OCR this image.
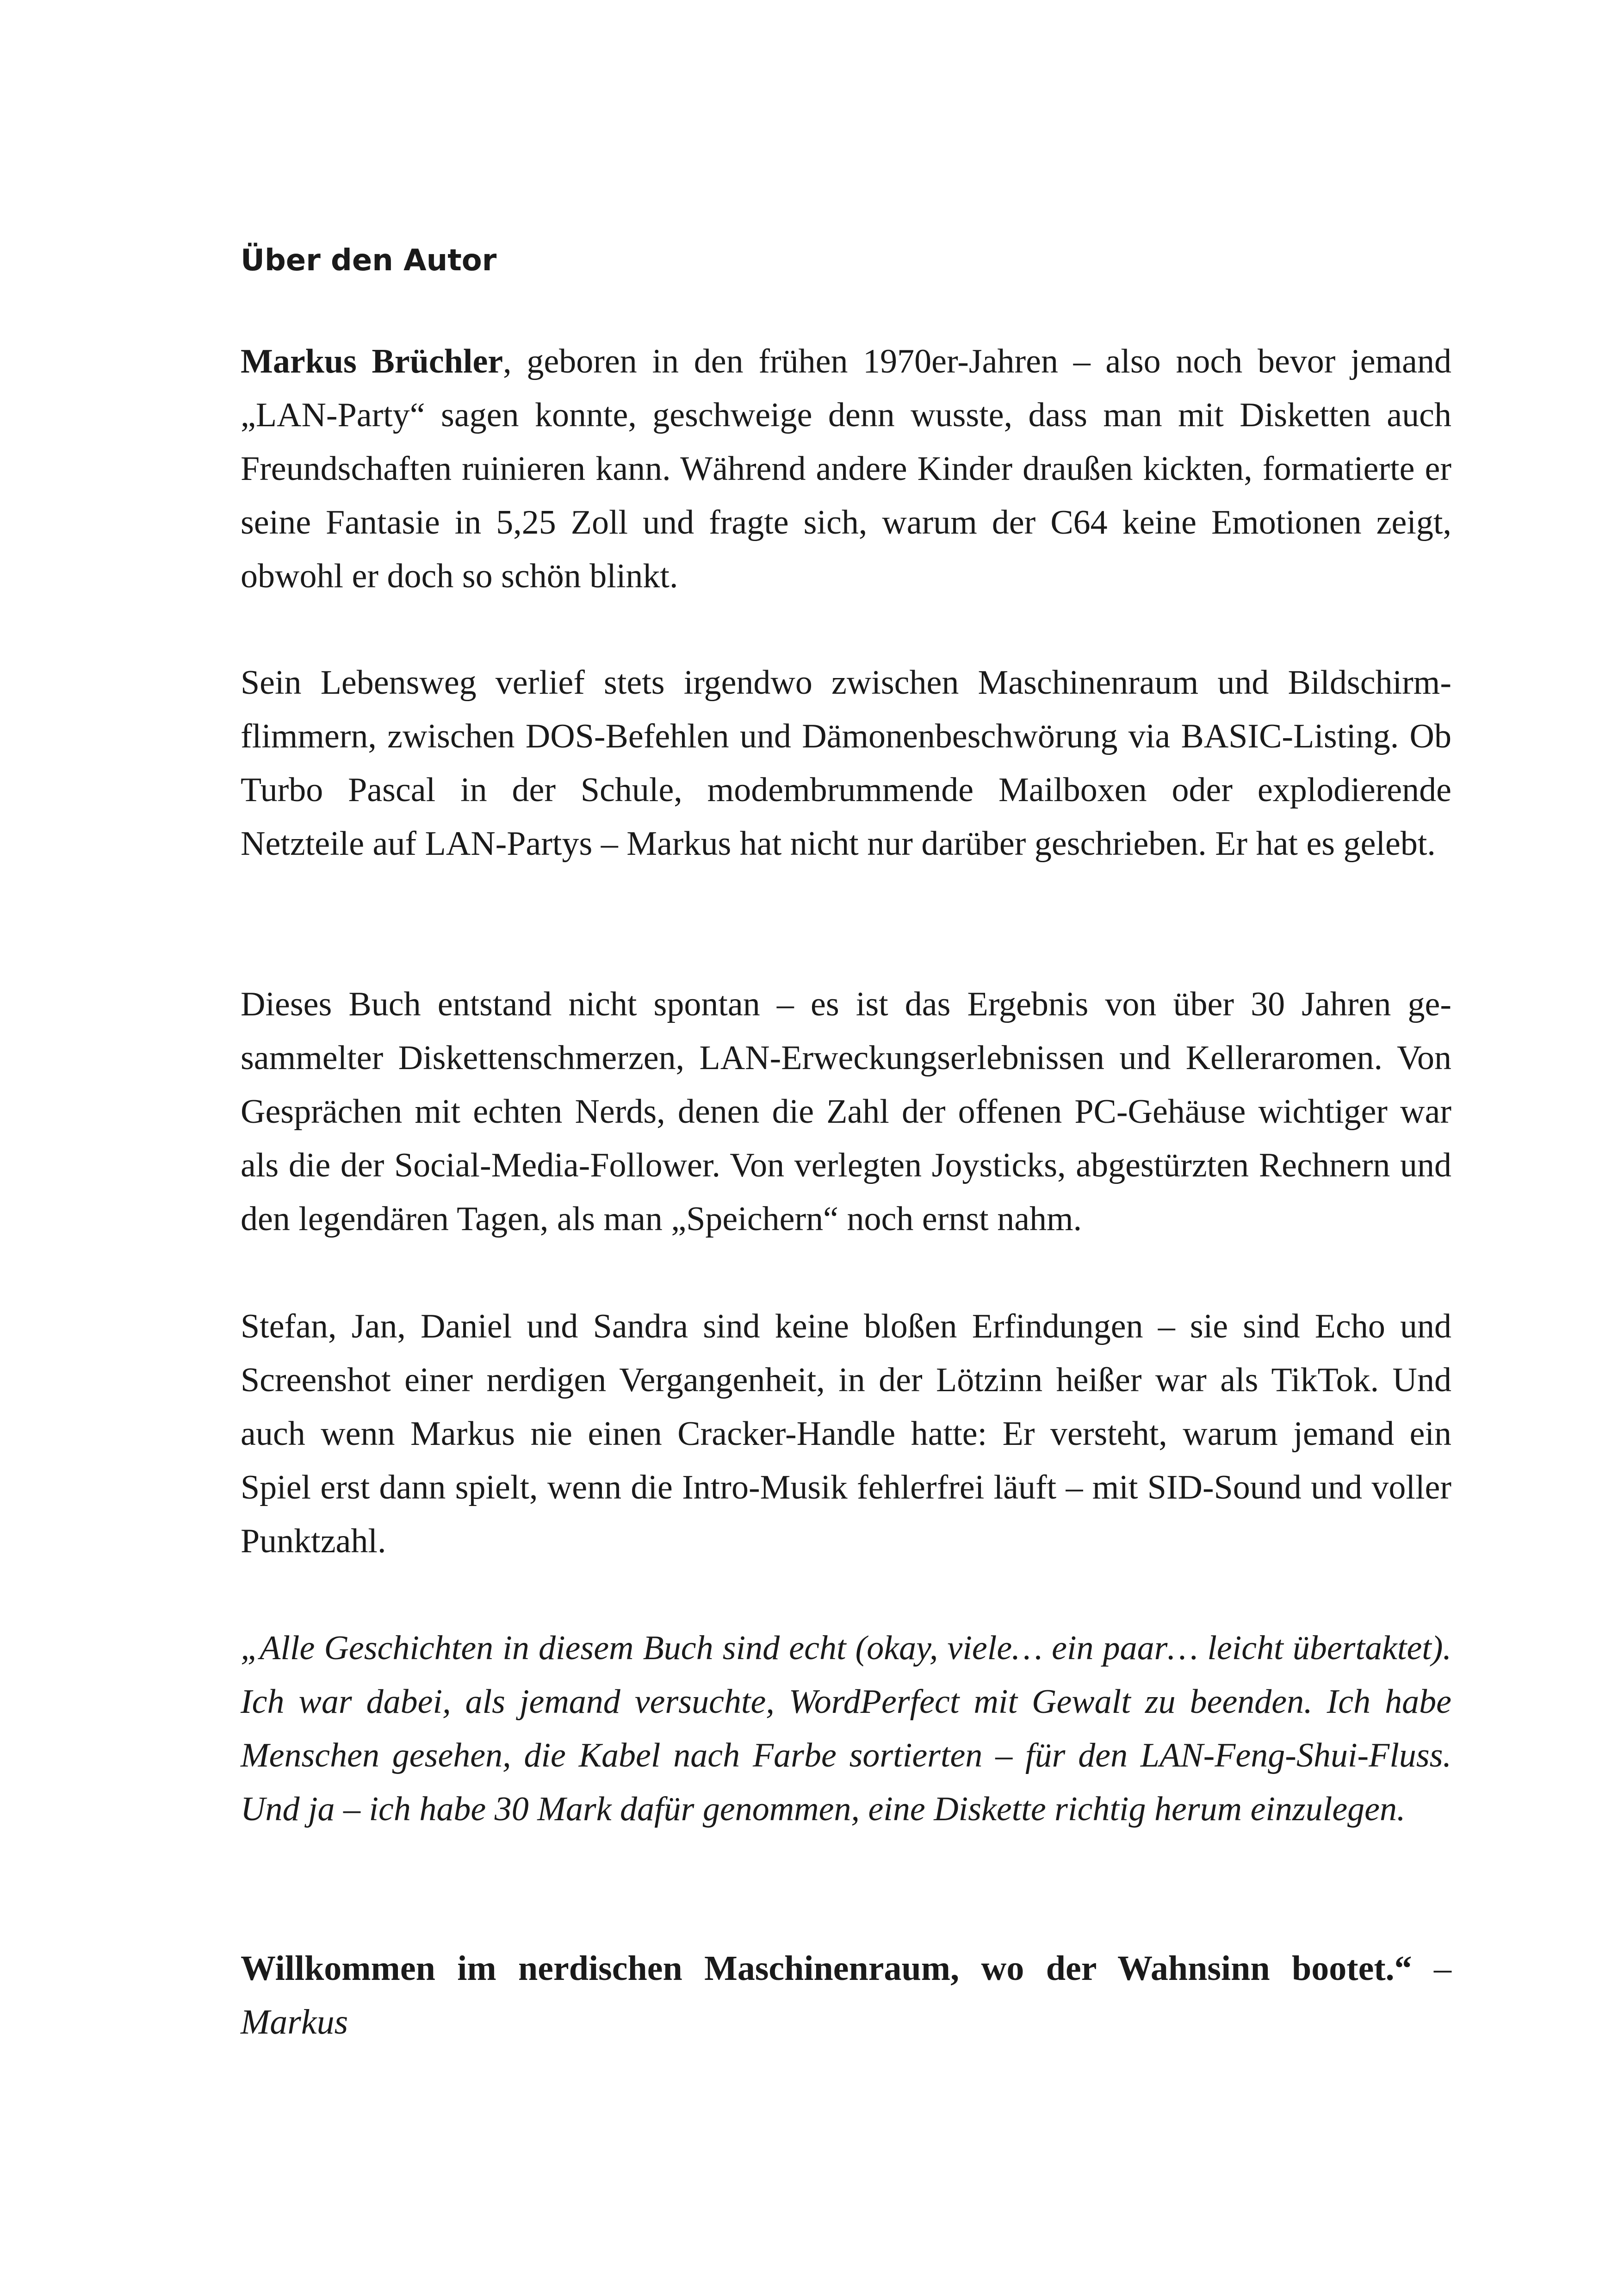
Über den Autor

Markus Brüchler, geboren in den frühen 1970er-Jahren – also noch bevor jemand „LAN-Party“ sagen konnte, geschweige denn wusste, dass man mit Disketten auch Freundschaften ruinieren kann. Während andere Kinder draußen kickten, formatierte er seine Fantasie in 5,25 Zoll und fragte sich, warum der C64 keine Emotionen zeigt, obwohl er doch so schön blinkt.

Sein Lebensweg verlief stets irgendwo zwischen Maschinenraum und Bildschirmflimmern, zwischen DOS-Befehlen und Dämonenbeschwörung via BASIC-Listing. Ob Turbo Pascal in der Schule, modembrummende Mailboxen oder explodierende Netzteile auf LAN-Partys – Markus hat nicht nur darüber geschrieben. Er hat es gelebt.

Dieses Buch entstand nicht spontan – es ist das Ergebnis von über 30 Jahren gesammelter Diskettenschmerzen, LAN-Erweckungserlebnissen und Kelleraromen. Von Gesprächen mit echten Nerds, denen die Zahl der offenen PC-Gehäuse wichtiger war als die der Social-Media-Follower. Von verlegten Joysticks, abgestürzten Rechnern und den legendären Tagen, als man „Speichern“ noch ernst nahm.

Stefan, Jan, Daniel und Sandra sind keine bloßen Erfindungen – sie sind Echo und Screenshot einer nerdigen Vergangenheit, in der Lötzinn heißer war als TikTok. Und auch wenn Markus nie einen Cracker-Handle hatte: Er versteht, warum jemand ein Spiel erst dann spielt, wenn die Intro-Musik fehlerfrei läuft – mit SID-Sound und voller Punktzahl.

„Alle Geschichten in diesem Buch sind echt (okay, viele… ein paar… leicht übertaktet). Ich war dabei, als jemand versuchte, WordPerfect mit Gewalt zu beenden. Ich habe Menschen gesehen, die Kabel nach Farbe sortierten – für den LAN-Feng-Shui-Fluss. Und ja – ich habe 30 Mark dafür genommen, eine Diskette richtig herum einzulegen.

Willkommen im nerdischen Maschinenraum, wo der Wahnsinn bootet.“ –

Markus
